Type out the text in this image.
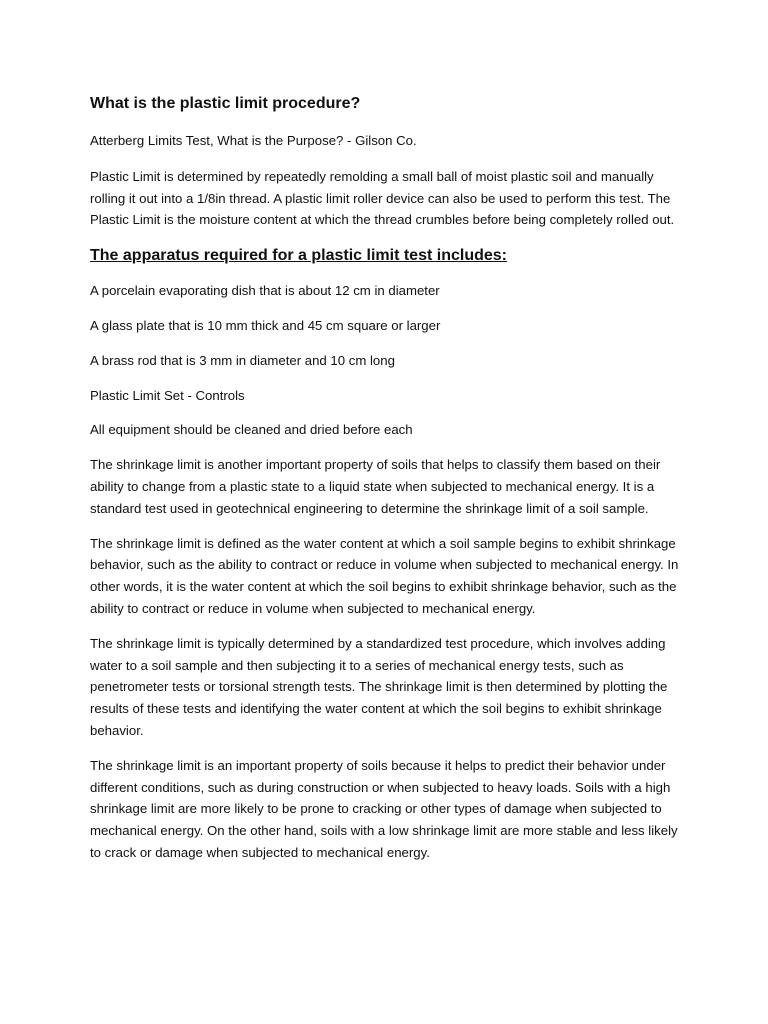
What is the plastic limit procedure?

Atterberg Limits Test, What is the Purpose? - Gilson Co.

Plastic Limit is determined by repeatedly remolding a small ball of moist plastic soil and manually rolling it out into a 1/8in thread. A plastic limit roller device can also be used to perform this test. The Plastic Limit is the moisture content at which the thread crumbles before being completely rolled out.

The apparatus required for a plastic limit test includes:

A porcelain evaporating dish that is about 12 cm in diameter

A glass plate that is 10 mm thick and 45 cm square or larger

A brass rod that is 3 mm in diameter and 10 cm long

Plastic Limit Set - Controls

All equipment should be cleaned and dried before each

The shrinkage limit is another important property of soils that helps to classify them based on their ability to change from a plastic state to a liquid state when subjected to mechanical energy. It is a standard test used in geotechnical engineering to determine the shrinkage limit of a soil sample.

The shrinkage limit is defined as the water content at which a soil sample begins to exhibit shrinkage behavior, such as the ability to contract or reduce in volume when subjected to mechanical energy. In other words, it is the water content at which the soil begins to exhibit shrinkage behavior, such as the ability to contract or reduce in volume when subjected to mechanical energy.

The shrinkage limit is typically determined by a standardized test procedure, which involves adding water to a soil sample and then subjecting it to a series of mechanical energy tests, such as penetrometer tests or torsional strength tests. The shrinkage limit is then determined by plotting the results of these tests and identifying the water content at which the soil begins to exhibit shrinkage behavior.

The shrinkage limit is an important property of soils because it helps to predict their behavior under different conditions, such as during construction or when subjected to heavy loads. Soils with a high shrinkage limit are more likely to be prone to cracking or other types of damage when subjected to mechanical energy. On the other hand, soils with a low shrinkage limit are more stable and less likely to crack or damage when subjected to mechanical energy.
